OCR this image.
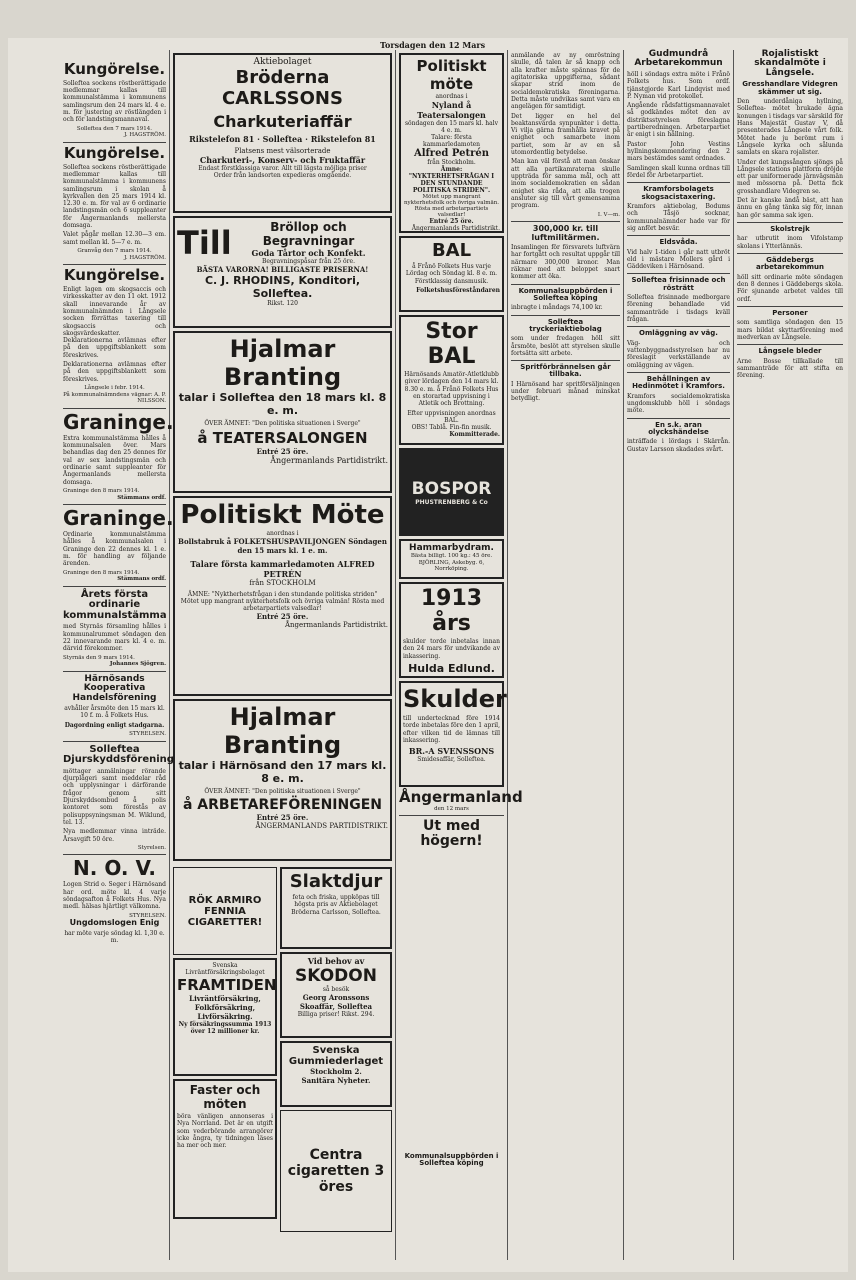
Torsdagen den 12 Mars
Kungörelse.

Solleftea sockens röstberättigade medlemmar kallas till kommunalstämma i kommunens samlingsrum den 24 mars kl. 4 e. m. för justering av röstlängden i och för landstingsmannaval.

Solleftea den 7 mars 1914.
J. HAGSTRÖM.
Kungörelse.

Solleftea sockens röstberättigade medlemmar kallas till kommunalstämma i kommunens samlingsrum i skolan å kyrkvallen den 25 mars 1914 kl. 12.30 e. m. för val av 6 ordinarie landstingsmän och 6 suppleanter för Ångermanlands mellersta domsaga.

Valet pågår mellan 12.30—3 em. samt mellan kl. 5—7 e. m.

Granvåg den 7 mars 1914.
J. HAGSTRÖM.
Kungörelse.

Enligt lagen om skogsaccis och virkesskatter av den 11 okt. 1912 skall innevarande år av kommunalnämnden i Långsele socken förrättas taxering till skogsaccis och skogsvärdeskatter. Deklarationerna avlämnas efter på den uppgiftsblankett som föreskrives.

Deklarationerna avlämnas efter på den uppgiftsblankett som föreskrives.

Långsele i febr. 1914.
På kommunalnämndens vägnar: A. P. NILSSON.
Graninge.

Extra kommunalstämma hålles å kommunalsalen över. Mars behandlas dag den 25 dennes för val av sex landstingsmän och ordinarie samt suppleanter för Ångermanlands mellersta domsaga.

Graninge den 8 mars 1914.
Stämmans ordf.
Graninge.

Ordinarie kommunalstämma hålles å kommunalsalen i Graninge den 22 dennes kl. 1 e. m. för handling av följande ärenden.

Graninge den 8 mars 1914.
Stämmans ordf.
Årets första ordinarie kommunalstämma

med Styrnäs församling hålles i kommunalrummet söndagen den 22 innevarande mars kl. 4 e. m. därvid förekommer.

Styrnäs den 9 mars 1914.
Johannes Sjögren.
Härnösands Kooperativa Handelsförening

avhåller årsmöte den 15 mars kl. 10 f. m. å Folkets Hus.

Dagordning enligt stadgarna.

STYRELSEN.
Solleftea Djurskyddsförening

möttager anmälningar rörande djurplågeri samt meddelar råd och upplysningar i därförande frågor genom sitt Djurskyddsombud å polis kontoret som förestås av polisuppsyningsman M. Wiklund, tel. 13.

Nya medlemmar vinna inträde. Årsavgift 50 öre.

Styrelsen.
N. O. V.

Logen Strid o. Seger i Härnösand har ord. möte kl. 4 varje söndagsafton å Folkets Hus. Nya medl. hälsas hjärtligt välkomna.

STYRELSEN.
Ungdomslogen Enig

har möte varje söndag kl. 1,30 e. m.

Aktiebolaget
Bröderna CARLSSONS
Charkuteriaffär
Rikstelefon 81 · Solleftea · Rikstelefon 81
Platsens mest välsorterade
Charkuteri-, Konserv- och Fruktaffär
Endast förstklassiga varor. Allt till lägsta möjliga priser
Order från landsorten expedieras omgående.
Till	Bröllop och Begravningar
Goda Tårtor och Konfekt.
Begravningspåsar från 25 öre.
BÄSTA VARORNA! BILLIGASTE PRISERNA!
C. J. RHODINS, Konditori, Solleftea.
Rikst. 120
Hjalmar Branting
talar i Solleftea den 18 mars kl. 8 e. m.
ÖVER ÄMNET: "Den politiska situationen i Sverge"
å TEATERSALONGEN
Entré 25 öre.
Ångermanlands Partidistrikt.
Politiskt Möte
anordnas i
Bollstabruk å FOLKETSHUSPAVILJONGEN Söndagen den 15 mars kl. 1 e. m.
Talare första kammarledamoten ALFRED PETRÉN
från STOCKHOLM
ÄMNE: "Nyktherhetsfrågan i den stundande politiska striden"
Mötet upp mangrant nykterhetsfolk och övriga valmän! Rösta med arbetarpartiets valsedlar!
Entré 25 öre.
Ångermanlands Partidistrikt.
Hjalmar Branting
talar i Härnösand den 17 mars kl. 8 e. m.
ÖVER ÄMNET: "Den politiska situationen i Sverge"
å ARBETAREFÖRENINGEN
Entré 25 öre.
ÅNGERMANLANDS PARTIDISTRIKT.
RÖK ARMIRO FENNIA CIGARETTER!
Svenska Livräntförsäkringsbolaget
FRAMTIDEN
Livräntförsäkring, Folkförsäkring, Livförsäkring.
Ny försäkringssumma 1913 över 12 millioner kr.
Faster och möten

böra vänligen annonseras i Nya Norrland. Det är en utgift som vederbörande arrangörer icke ångra, ty tidningen läses ha mer och mer.

Slaktdjur

feta och friska, uppköpas till högsta pris av Aktiebolaget Bröderna Carlsson, Solleftea.

Vid behov av
SKODON
så besök
Georg Aronssons Skoaffär, Solleftea
Billiga priser! Rikst. 294.
Svenska Gummiederlaget
Stockholm 2.
Sanitära Nyheter.
Centra cigaretten 3 öres
Politiskt möte
anordnas i
Nyland å Teatersalongen
söndagen den 15 mars kl. halv 4 e. m.
Talare: första kammarledamoten
Alfred Petrén
från Stockholm.
Ämne: "NYKTERHETSFRÅGAN I DEN STUNDANDE POLITISKA STRIDEN".
Mötet upp mangrant nykterhetsfolk och övriga valmän. Rösta med arbetarpartiets valsedlar!
Entré 25 öre.
Ångermanlands Partidistrikt.
BAL

å Frånö Folkets Hus varje Lördag och Söndag kl. 8 e. m. Förstklassig dansmusik.

Folketshusföreståndaren
Stor BAL

Härnösands Amatör-Atletklubb giver lördagen den 14 mars kl. 8.30 e. m. å Frånö Folkets Hus en storartad uppvisning i Atletik och Brottning.

Efter uppvisningen anordnas BAL.
OBS! Tablå. Fin-fin musik.
Kommitterade.
BOSPOR
PHUSTRENBERG & Co
Hammarbydram.
Bästa billigt. 100 kg.: 45 öre. BJÖRLING, Askebyg. 6, Norrköping.
1913 års

skulder torde inbetalas innan den 24 mars för undvikande av inkassering.

Hulda Edlund.
Skulder

till undertecknad före 1914 torde inbetalas före den 1 april, efter vilken tid de lämnas till inkassering.

BR.-A SVENSSONS
Smidesaffär, Solleftea.
Ångermanland
den 12 mars
Ut med högern!
Kommunalsuppbörden i Solleftea köping

anmälande av ny omröstning skulle, då talen är så knapp och alla krafter måste spännas för de agitatoriska uppgifterna, sådant skapar strid inom de socialdemokratiska föreningarna. Detta måste undvikas samt vara en angelägen för samtidigt.

Det ligger en hel del beaktansvärda synpunkter i detta. Vi vilja gärna framhålla kravet på enighet och samarbete inom partiet, som är av en så utomordentlig betydelse.

Man kan väl förstå att man önskar att alla partikamraterna skulle uppträda för samma mål, och att inom socialdemokratien en sådan enighet ska råda, att alla trogen ansluter sig till vårt gemensamma program.

I. V—m.
300,000 kr. till luftmilitärmen.

Insamlingen för försvarets luftvärn har fortgått och resultat uppgår till närmare 300,000 kronor. Man räknar med att beloppet snart kommer att öka.

Kommunalsuppbörden i Solleftea köping

inbragte i måndags 74,100 kr.

Solleftea tryckeriaktiebolag

som under fredagen höll sitt årsmöte, beslöt att styrelsen skulle fortsätta sitt arbete.

Spritförbrännelsen går tillbaka.

I Härnösand har spritförsäljningen under februari månad minskat betydligt.

Gudmundrå Arbetarekommun

höll i söndags extra möte i Frånö Folkets hus. Som ordf. tjänstgjorde Karl Lindqvist med P. Nyman vid protokollet.

Angående rådsfattigsmannavalet så godkändes mötet den av distriktsstyrelsen föreslagna partiberedningen. Arbetarpartiet är enigt i sin hållning.

Pastor John Vestins hyllningskommendering den 2 mars bestämdes samt ordnades.

Samlingen skall kunna ordnas till fördel för Arbetarpartiet.

Kramforsbolagets skogsacistaxering.

Kramfors aktiebolag, Bodums och Tåsjö socknar, kommunalnämnder hade var för sig anfört besvär.

Eldsvåda.

Vid halv 1-tiden i går natt utbröt eld i mästare Mollers gård i Gäddeviken i Härnösand.

Solleftea frisinnade och rösträtt

Solleftea frisinnade medborgare förening behandlade vid sammanträde i tisdags kväll frågan.

Omläggning av väg.

Väg- och vattenbyggnadsstyrelsen har nu föreslagit verkställande av omläggning av vägen.

Behållningen av Hedinmötet i Kramfors.

Kramfors socialdemokratiska ungdomsklubb höll i söndags möte.

En s.k. aran olyckshändelse

inträffade i lördags i Skärrån. Gustav Larsson skadades svårt.

Rojalistiskt skandalmöte i Långsele.
Gresshandlare Videgren skämmer ut sig.

Den underdåniga hyllning, Solleftea- mötet brukade ägna konungen i tisdags var särskild för Hans Majestät Gustav V, då presenterades Långsele vårt folk. Mötet hade ju berömt rum i Långsele kyrka och sålunda samlats en skara rojalister.

Under det kungssången sjöngs på Långsele stations plattform dröjde ett par uniformerade järnvägsmän med mössorna på. Detta fick grosshandlare Videgren se.

Det är kanske ändå bäst, att han ännu en gång tänka sig för, innan han gör samma sak igen.

Skolstrejk

har utbrutit inom Vifolstamp skolans i Ytterlännäs.

Gäddebergs arbetarekommun

höll sitt ordinarie möte söndagen den 8 dennes i Gäddebergs skola. För sjunande arbetet valdes till ordf.

Personer

som samtliga söndagen den 15 mars bildat skyttarförening med medverkan av Långsele.

Långsele bleder

Arne Bosse tillkallade till sammanträde för att stifta en förening.
